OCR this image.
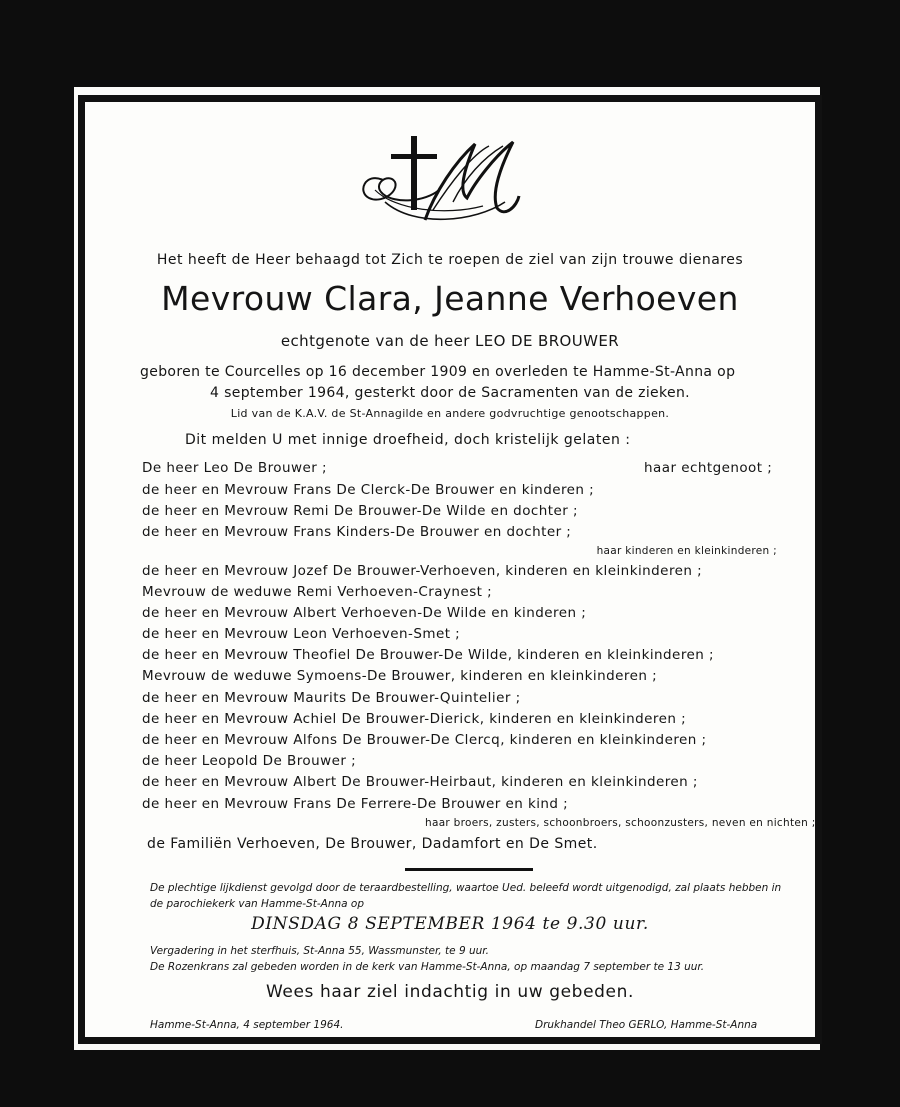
Het heeft de Heer behaagd tot Zich te roepen de ziel van zijn trouwe dienares
Mevrouw Clara, Jeanne Verhoeven
echtgenote van de heer LEO DE BROUWER
geboren te Courcelles op 16 december 1909 en overleden te Hamme-St-Anna op
4 september 1964, gesterkt door de Sacramenten van de zieken.
Lid van de K.A.V. de St-Annagilde en andere godvruchtige genootschappen.
Dit melden U met innige droefheid, doch kristelijk gelaten :
De heer Leo De Brouwer ;	haar echtgenoot ;
de heer en Mevrouw Frans De Clerck-De Brouwer en kinderen ;
de heer en Mevrouw Remi De Brouwer-De Wilde en dochter ;
de heer en Mevrouw Frans Kinders-De Brouwer en dochter ;
haar kinderen en kleinkinderen ;
de heer en Mevrouw Jozef De Brouwer-Verhoeven, kinderen en kleinkinderen ;
Mevrouw de weduwe Remi Verhoeven-Craynest ;
de heer en Mevrouw Albert Verhoeven-De Wilde en kinderen ;
de heer en Mevrouw Leon Verhoeven-Smet ;
de heer en Mevrouw Theofiel De Brouwer-De Wilde, kinderen en kleinkinderen ;
Mevrouw de weduwe Symoens-De Brouwer, kinderen en kleinkinderen ;
de heer en Mevrouw Maurits De Brouwer-Quintelier ;
de heer en Mevrouw Achiel De Brouwer-Dierick, kinderen en kleinkinderen ;
de heer en Mevrouw Alfons De Brouwer-De Clercq, kinderen en kleinkinderen ;
de heer Leopold De Brouwer ;
de heer en Mevrouw Albert De Brouwer-Heirbaut, kinderen en kleinkinderen ;
de heer en Mevrouw Frans De Ferrere-De Brouwer en kind ;
haar broers, zusters, schoonbroers, schoonzusters, neven en nichten ;
de Familiën Verhoeven, De Brouwer, Dadamfort en De Smet.
De plechtige lijkdienst gevolgd door de teraardbestelling, waartoe Ued. beleefd wordt uitgenodigd, zal plaats hebben in de parochiekerk van Hamme-St-Anna op
DINSDAG 8 SEPTEMBER 1964 te 9.30 uur.
Vergadering in het sterfhuis, St-Anna 55, Wassmunster, te 9 uur.
De Rozenkrans zal gebeden worden in de kerk van Hamme-St-Anna, op maandag 7 september te 13 uur.
Wees haar ziel indachtig in uw gebeden.
Hamme-St-Anna, 4 september 1964.	Drukhandel Theo GERLO, Hamme-St-Anna
